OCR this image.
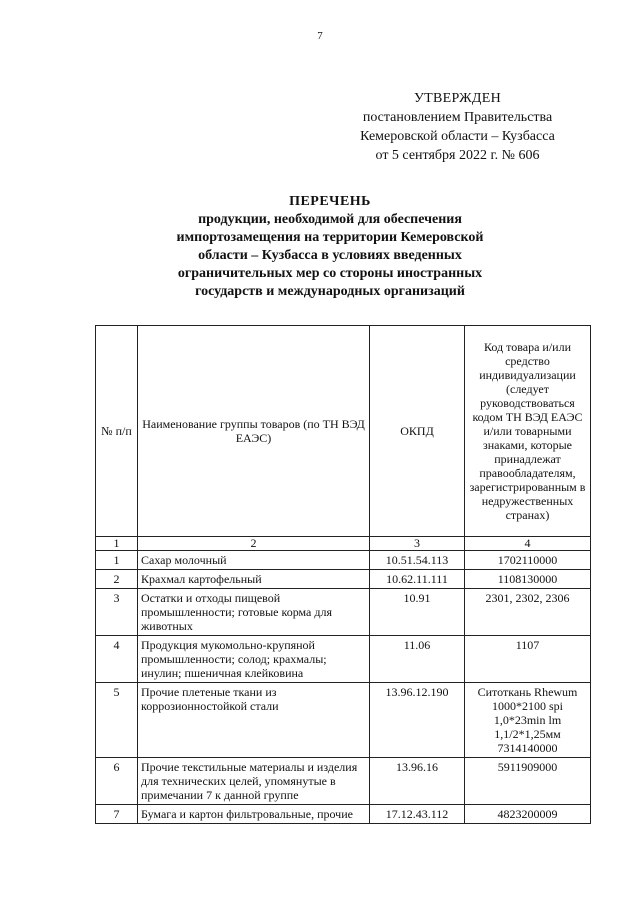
7
УТВЕРЖДЕН
постановлением Правительства
Кемеровской области – Кузбасса
от 5 сентября 2022 г. № 606
ПЕРЕЧЕНЬ
продукции, необходимой для обеспечения
импортозамещения на территории Кемеровской
области – Кузбасса в условиях введенных
ограничительных мер со стороны иностранных
государств и международных организаций
№ п/п	Наименование группы товаров (по ТН ВЭД ЕАЭС)	ОКПД	Код товара и/или средство индивидуализации (следует руководствоваться кодом ТН ВЭД ЕАЭС и/или товарными знаками, которые принадлежат правообладателям, зарегистрированным в недружественных странах)
1	2	3	4
1	Сахар молочный	10.51.54.113	1702110000
2	Крахмал картофельный	10.62.11.111	1108130000
3	Остатки и отходы пищевой промышленности; готовые корма для животных	10.91	2301, 2302, 2306
4	Продукция мукомольно-крупяной промышленности; солод; крахмалы; инулин; пшеничная клейковина	11.06	1107
5	Прочие плетеные ткани из коррозионностойкой стали	13.96.12.190	Ситоткань Rhewum 1000*2100 spi 1,0*23min lm 1,1/2*1,25мм 7314140000
6	Прочие текстильные материалы и изделия для технических целей, упомянутые в примечании 7 к данной группе	13.96.16	5911909000
7	Бумага и картон фильтровальные, прочие	17.12.43.112	4823200009
